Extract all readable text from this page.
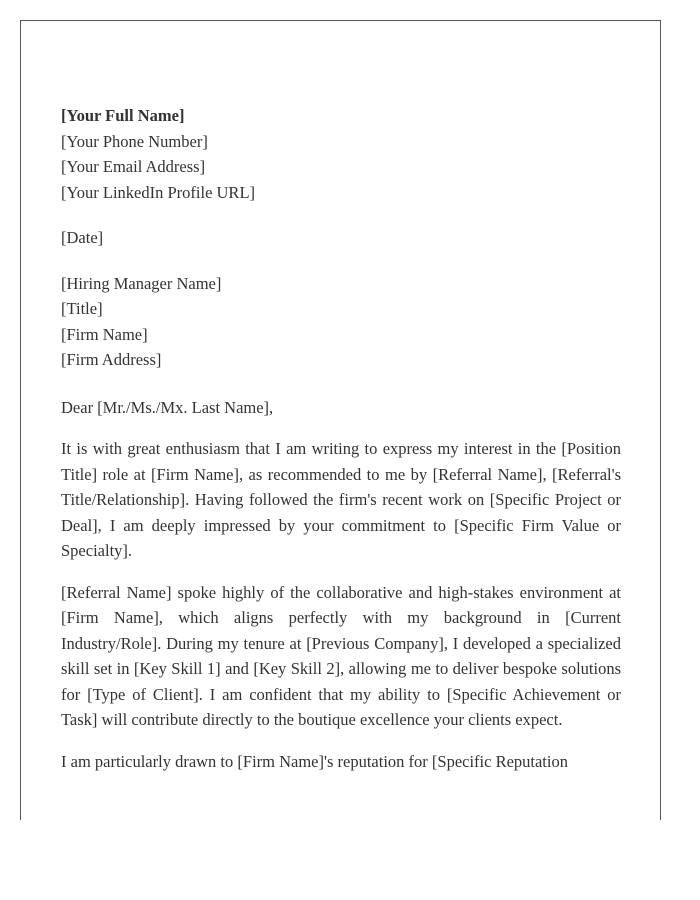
[Your Full Name]
[Your Phone Number]
[Your Email Address]
[Your LinkedIn Profile URL]
[Date]
[Hiring Manager Name]
[Title]
[Firm Name]
[Firm Address]

Dear [Mr./Ms./Mx. Last Name],

It is with great enthusiasm that I am writing to express my interest in the [Position Title] role at [Firm Name], as recommended to me by [Referral Name], [Referral's Title/Relationship]. Having followed the firm's recent work on [Specific Project or Deal], I am deeply impressed by your commitment to [Specific Firm Value or Specialty].

[Referral Name] spoke highly of the collaborative and high-stakes environment at [Firm Name], which aligns perfectly with my background in [Current Industry/Role]. During my tenure at [Previous Company], I developed a specialized skill set in [Key Skill 1] and [Key Skill 2], allowing me to deliver bespoke solutions for [Type of Client]. I am confident that my ability to [Specific Achievement or Task] will contribute directly to the boutique excellence your clients expect.

I am particularly drawn to [Firm Name]'s reputation for [Specific Reputation
